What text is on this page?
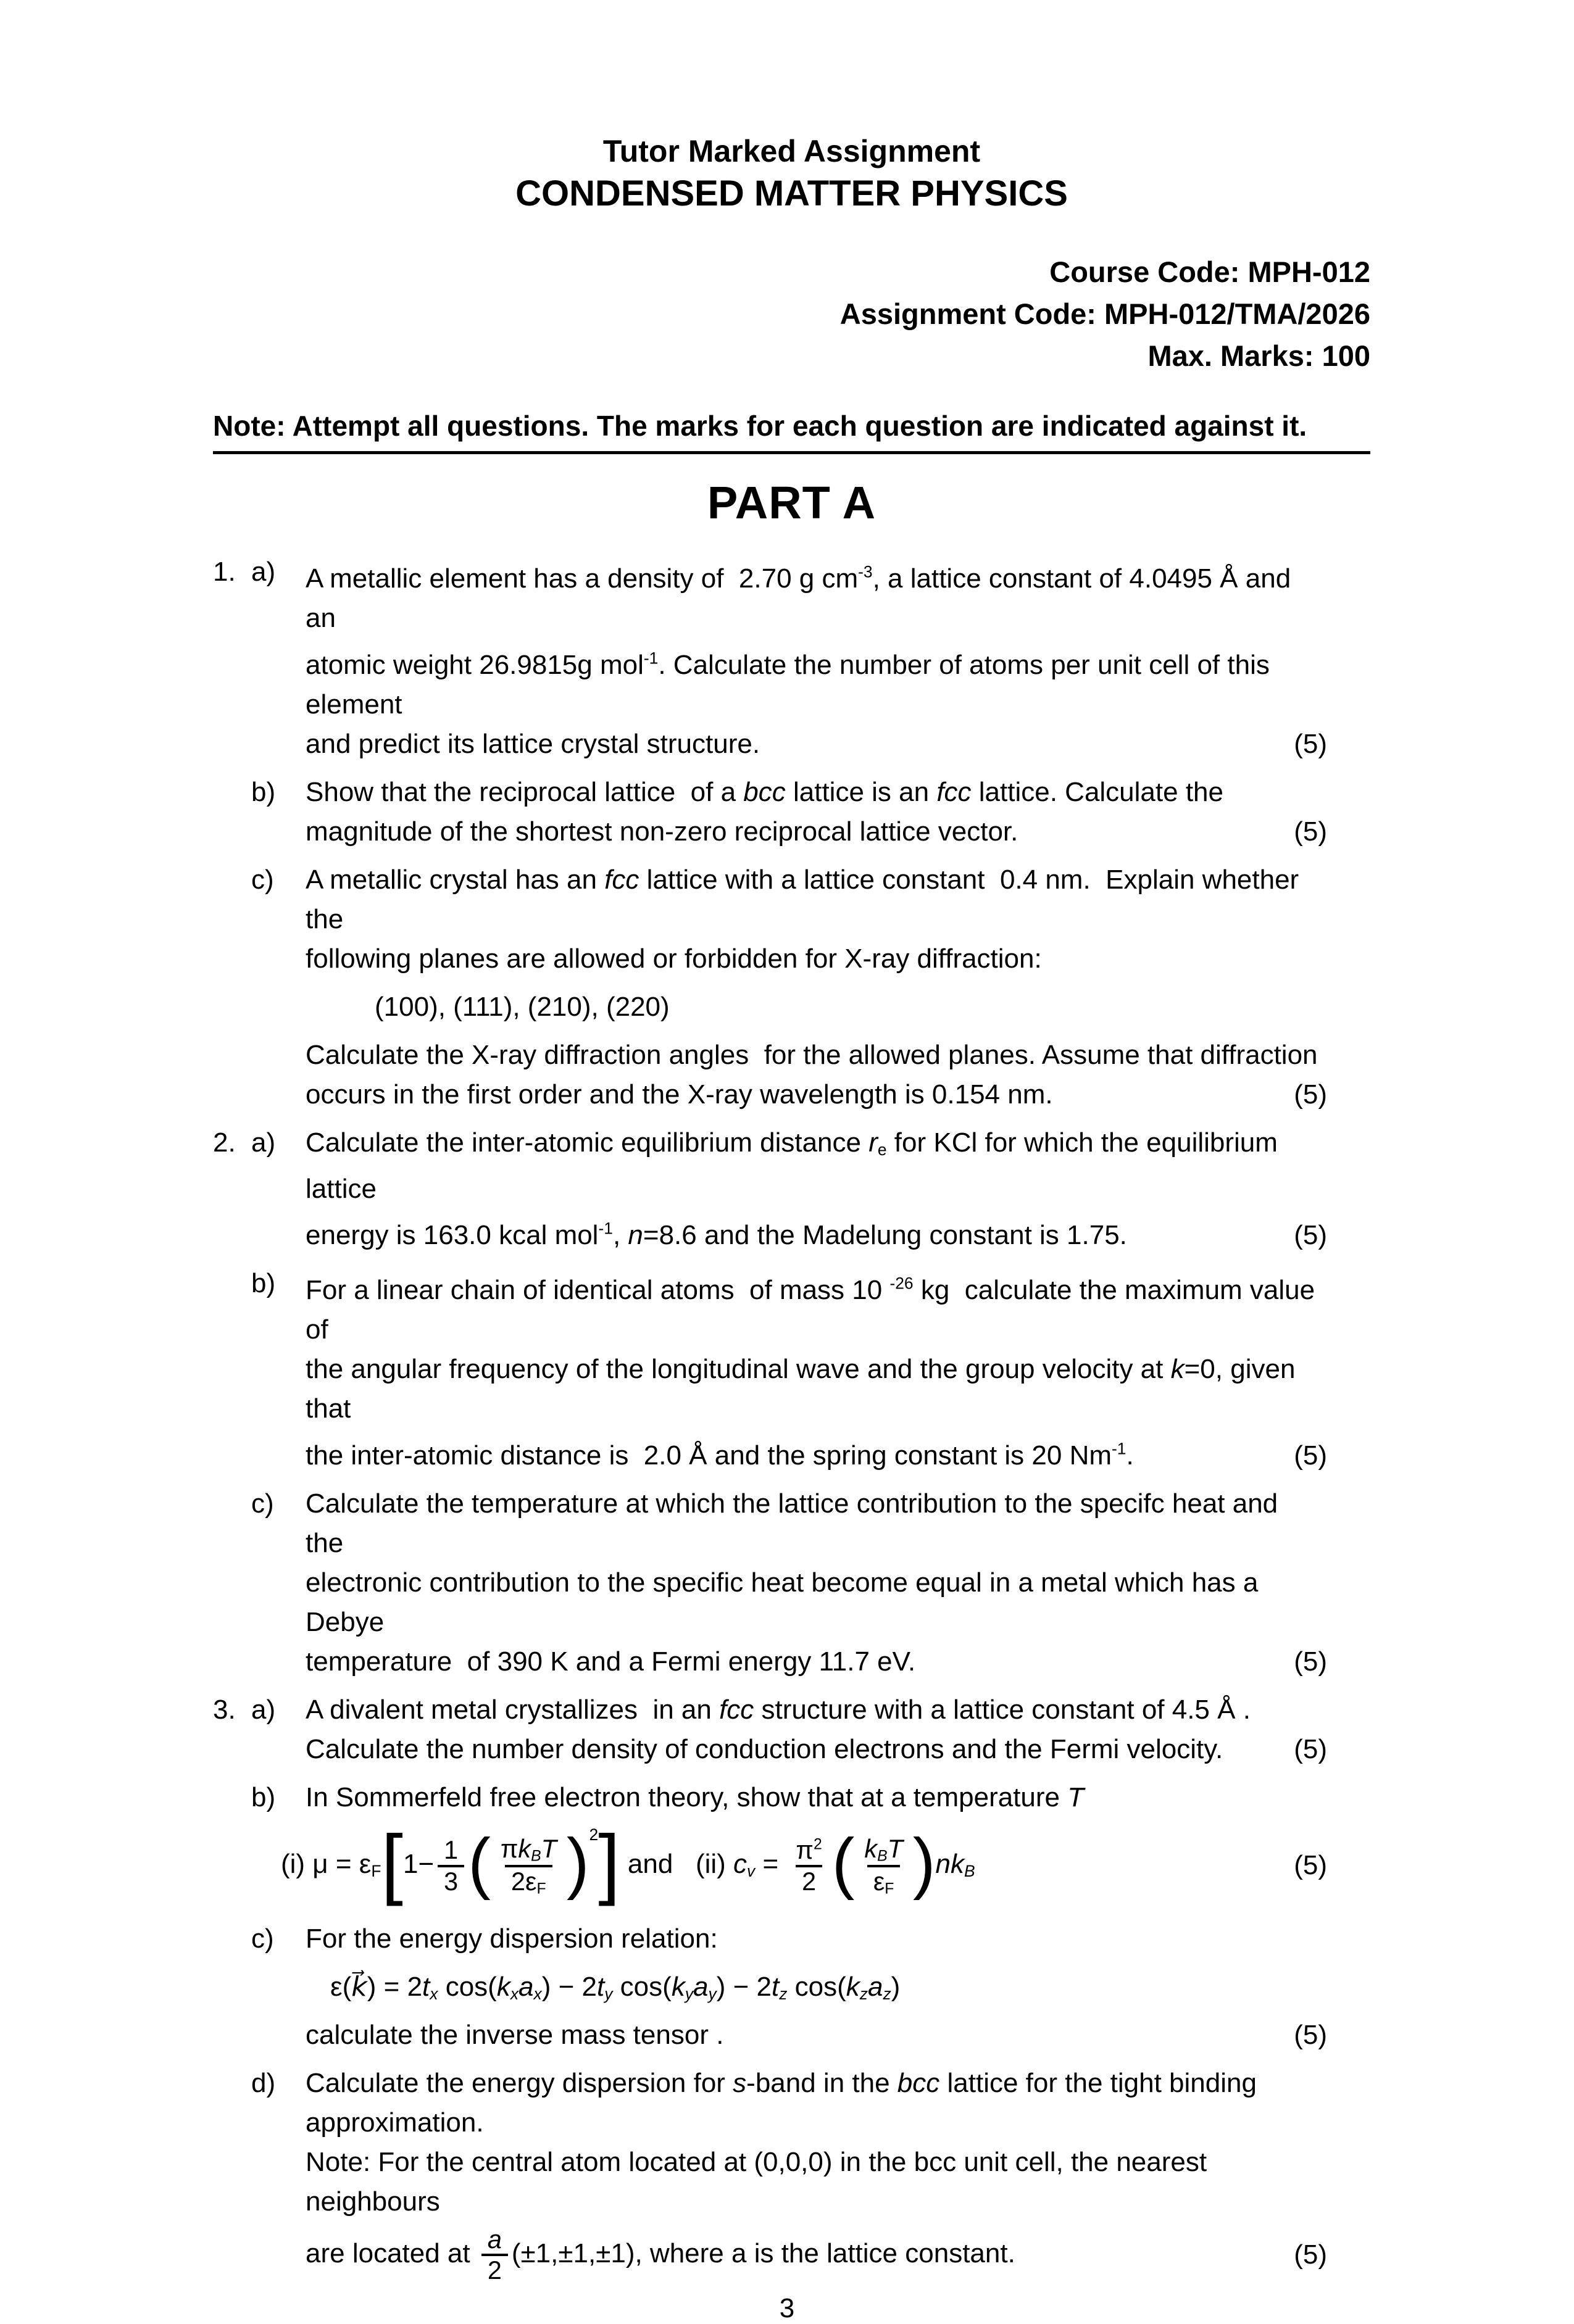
Tutor Marked Assignment
CONDENSED MATTER PHYSICS
Course Code: MPH-012
Assignment Code: MPH-012/TMA/2026
Max. Marks: 100
Note: Attempt all questions. The marks for each question are indicated against it.
PART A
1. a)	A metallic element has a density of  2.70 g $cm^{-3}$, a lattice constant of 4.0495 Å and an
atomic weight 26.9815g mol$^{-1}$. Calculate the number of atoms per unit cell of this element
and predict its lattice crystal structure.	(5)
b)	Show that the reciprocal lattice  of a bcc lattice is an fcc lattice. Calculate the
magnitude of the shortest non-zero reciprocal lattice vector.	(5)
c)	A metallic crystal has an fcc lattice with a lattice constant  0.4 nm.  Explain whether the
following planes are allowed or forbidden for X-ray diffraction:
(100), (111), (210), (220)
Calculate the X-ray diffraction angles  for the allowed planes. Assume that diffraction
occurs in the first order and the X-ray wavelength is 0.154 nm.	(5)
2. a)	Calculate the inter-atomic equilibrium distance re for KCl for which the equilibrium lattice
energy is 163.0 kcal mol$^{-1}$, n=8.6 and the Madelung constant is 1.75.	(5)
b)	For a linear chain of identical atoms  of mass 10 $^{-26}$ kg  calculate the maximum value of
the angular frequency of the longitudinal wave and the group velocity at k=0, given that
the inter-atomic distance is  2.0 Å and the spring constant is 20 $Nm^{-1}$.	(5)
c)	Calculate the temperature at which the lattice contribution to the specifc heat and  the
electronic contribution to the specific heat become equal in a metal which has a Debye
temperature  of 390 K and a Fermi energy 11.7 eV.	(5)
3. a)	A divalent metal crystallizes  in an fcc structure with a lattice constant of 4.5 Å .
Calculate the number density of conduction electrons and the Fermi velocity.	(5)
b)	In Sommerfeld free electron theory, show that at a temperature T
(i) $\mu = \varepsilon F[1- \frac{1}{3}$ ( $\frac{\text{πkBT}}{2\varepsilon F} )^2$] and   (ii) cv = $\frac{\pi^2}{2}$ ( $\frac{\text{kBT}}{\varepsilon F} )nkB$	(5)
c)	For the energy dispersion relation:
ε(k⃗) = 2tx cos(kxax) − 2ty cos(kyay) − 2tz cos(kzaz)
calculate the inverse mass tensor .	(5)
d)	Calculate the energy dispersion for s-band in the bcc lattice for the tight binding
approximation.
Note: For the central atom located at (0,0,0) in the bcc unit cell, the nearest neighbours
are located at $\frac{a}{2} (\pm 1,\pm 1,\pm 1)$, where a is the lattice constant.	(5)
3
